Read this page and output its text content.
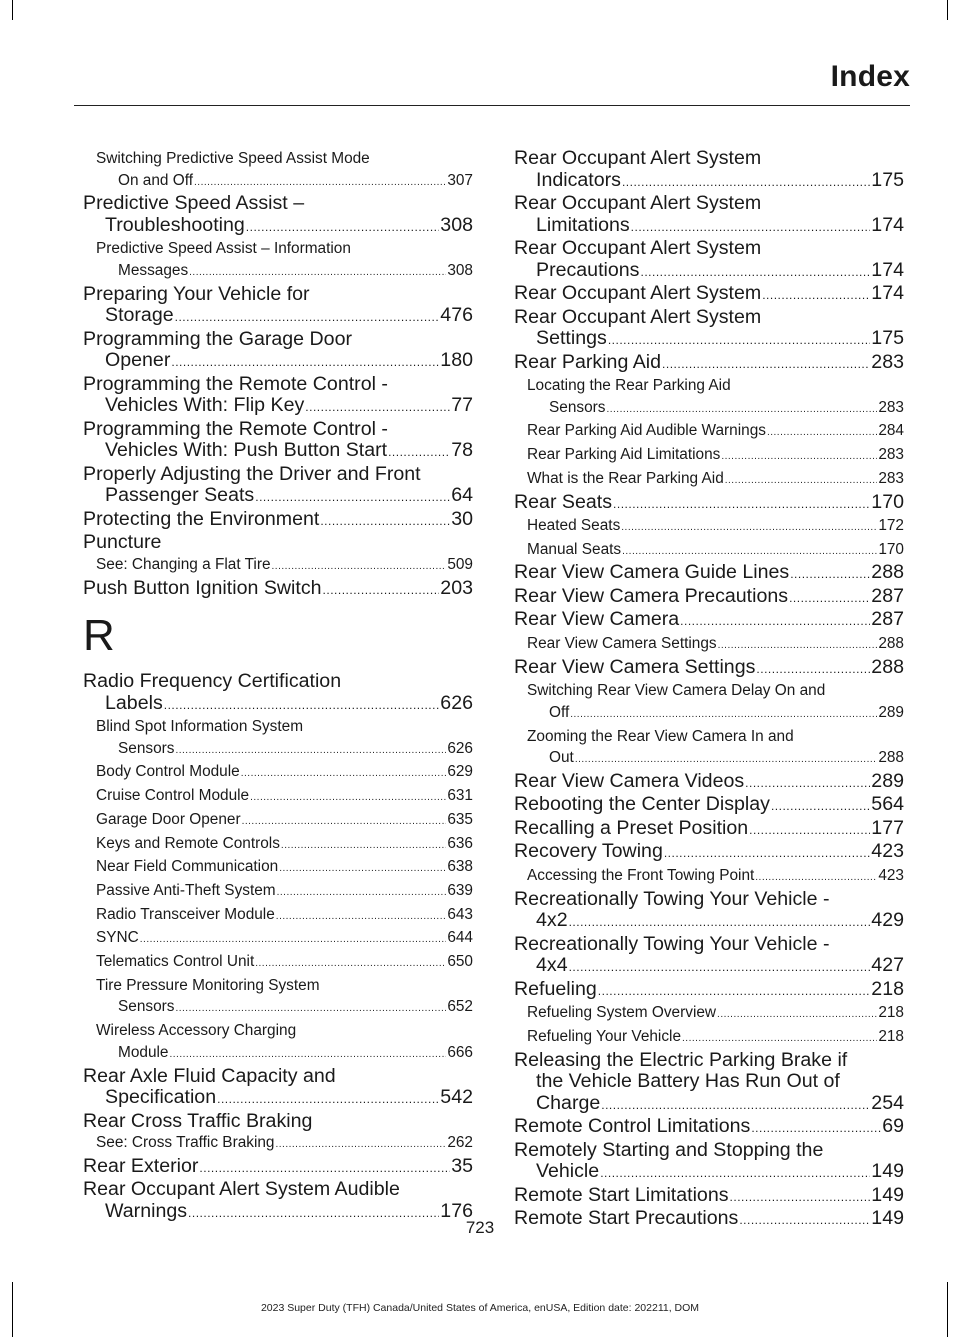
Index
Switching Predictive Speed Assist Mode
On and Off .....	307
Predictive Speed Assist –
Troubleshooting .....	308
Predictive Speed Assist – Information
Messages .....	308
Preparing Your Vehicle for
Storage .....	476
Programming the Garage Door
Opener .....	180
Programming the Remote Control -
Vehicles With: Flip Key .....	77
Programming the Remote Control -
Vehicles With: Push Button Start .....	78
Properly Adjusting the Driver and Front
Passenger Seats .....	64
Protecting the Environment .....	30
Puncture
See: Changing a Flat Tire .....	509
Push Button Ignition Switch .....	203
R
Radio Frequency Certification
Labels .....	626
Blind Spot Information System
Sensors .....	626
Body Control Module .....	629
Cruise Control Module .....	631
Garage Door Opener .....	635
Keys and Remote Controls .....	636
Near Field Communication .....	638
Passive Anti-Theft System .....	639
Radio Transceiver Module .....	643
SYNC .....	644
Telematics Control Unit .....	650
Tire Pressure Monitoring System
Sensors .....	652
Wireless Accessory Charging
Module .....	666
Rear Axle Fluid Capacity and
Specification .....	542
Rear Cross Traffic Braking
See: Cross Traffic Braking .....	262
Rear Exterior .....	35
Rear Occupant Alert System Audible
Warnings .....	176
Rear Occupant Alert System
Indicators .....	175
Rear Occupant Alert System
Limitations .....	174
Rear Occupant Alert System
Precautions .....	174
Rear Occupant Alert System .....	174
Rear Occupant Alert System
Settings .....	175
Rear Parking Aid .....	283
Locating the Rear Parking Aid
Sensors .....	283
Rear Parking Aid Audible Warnings .....	284
Rear Parking Aid Limitations .....	283
What is the Rear Parking Aid .....	283
Rear Seats .....	170
Heated Seats .....	172
Manual Seats .....	170
Rear View Camera Guide Lines .....	288
Rear View Camera Precautions .....	287
Rear View Camera .....	287
Rear View Camera Settings .....	288
Rear View Camera Settings .....	288
Switching Rear View Camera Delay On and
Off .....	289
Zooming the Rear View Camera In and
Out .....	288
Rear View Camera Videos .....	289
Rebooting the Center Display .....	564
Recalling a Preset Position .....	177
Recovery Towing .....	423
Accessing the Front Towing Point .....	423
Recreationally Towing Your Vehicle -
4x2 .....	429
Recreationally Towing Your Vehicle -
4x4 .....	427
Refueling .....	218
Refueling System Overview .....	218
Refueling Your Vehicle .....	218
Releasing the Electric Parking Brake if
the Vehicle Battery Has Run Out of
Charge .....	254
Remote Control Limitations .....	69
Remotely Starting and Stopping the
Vehicle .....	149
Remote Start Limitations .....	149
Remote Start Precautions .....	149
723
2023 Super Duty (TFH) Canada/United States of America, enUSA, Edition date: 202211, DOM
